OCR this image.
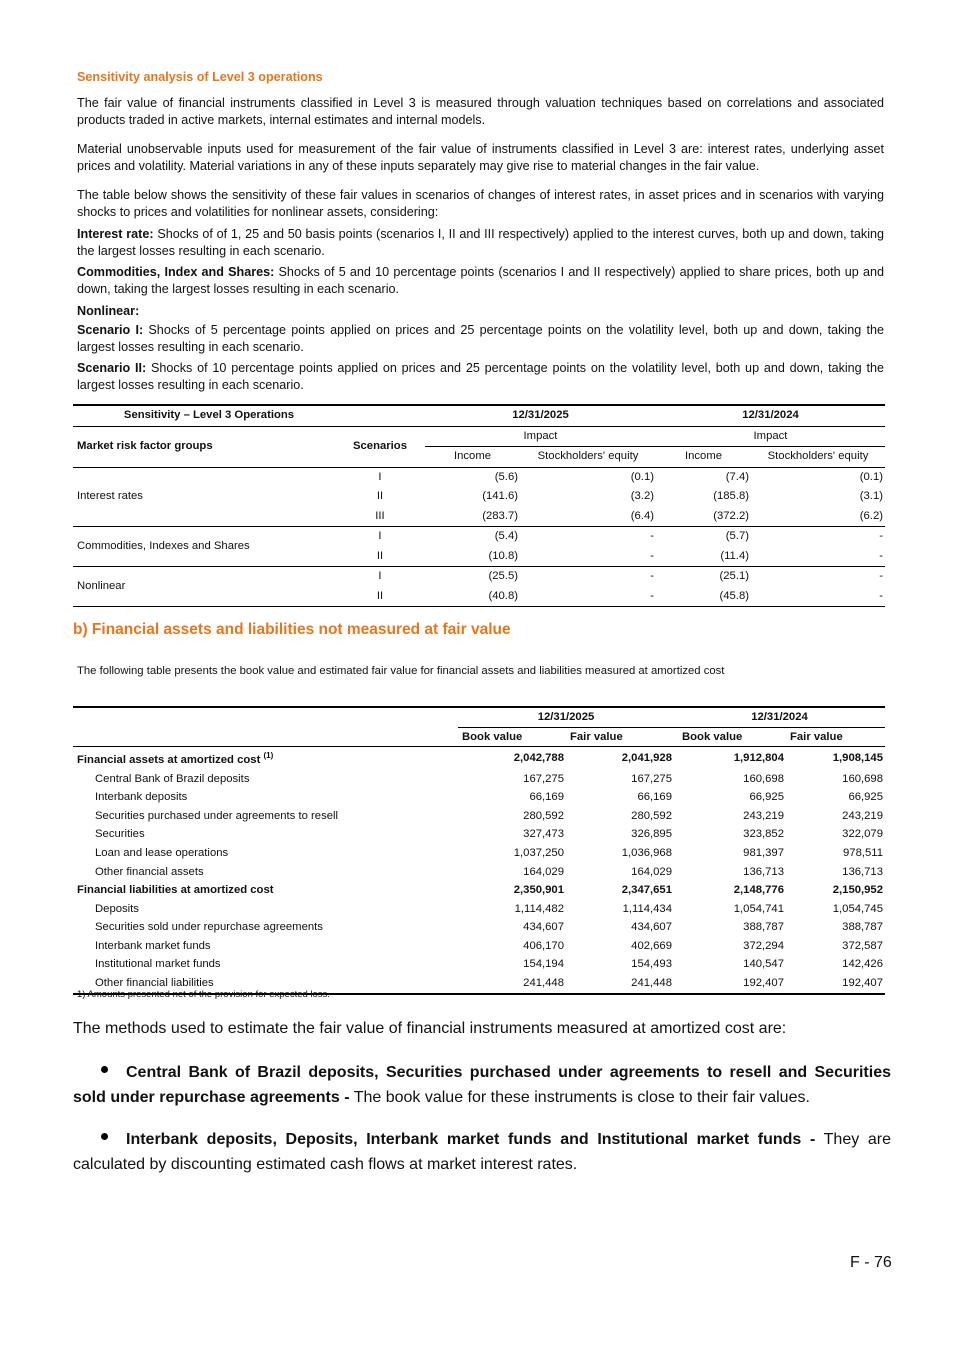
Sensitivity analysis of Level 3 operations
The fair value of financial instruments classified in Level 3 is measured through valuation techniques based on correlations and associated products traded in active markets, internal estimates and internal models.
Material unobservable inputs used for measurement of the fair value of instruments classified in Level 3 are: interest rates, underlying asset prices and volatility. Material variations in any of these inputs separately may give rise to material changes in the fair value.
The table below shows the sensitivity of these fair values in scenarios of changes of interest rates, in asset prices and in scenarios with varying shocks to prices and volatilities for nonlinear assets, considering:
Interest rate: Shocks of of 1, 25 and 50 basis points (scenarios I, II and III respectively) applied to the interest curves, both up and down, taking the largest losses resulting in each scenario.
Commodities, Index and Shares: Shocks of 5 and 10 percentage points (scenarios I and II respectively) applied to share prices, both up and down, taking the largest losses resulting in each scenario.
Nonlinear:
Scenario I: Shocks of 5 percentage points applied on prices and 25 percentage points on the volatility level, both up and down, taking the largest losses resulting in each scenario.
Scenario II: Shocks of 10 percentage points applied on prices and 25 percentage points on the volatility level, both up and down, taking the largest losses resulting in each scenario.
Sensitivity – Level 3 Operations		12/31/2025		12/31/2024	
Market risk factor groups	Scenarios	Impact		Impact	
		Income	Stockholders' equity	Income	Stockholders' equity
Interest rates	I	(5.6)	(0.1)	(7.4)	(0.1)
	II	(141.6)	(3.2)	(185.8)	(3.1)
	III	(283.7)	(6.4)	(372.2)	(6.2)
Commodities, Indexes and Shares	I	(5.4)	-	(5.7)	-
	II	(10.8)	-	(11.4)	-
Nonlinear	I	(25.5)	-	(25.1)	-
	II	(40.8)	-	(45.8)	-
b) Financial assets and liabilities not measured at fair value
The following table presents the book value and estimated fair value for financial assets and liabilities measured at amortized cost
	12/31/2025		12/31/2024	
	Book value	Fair value	Book value	Fair value
Financial assets at amortized cost $^{(1)}$	2,042,788	2,041,928	1,912,804	1,908,145
Central Bank of Brazil deposits	167,275	167,275	160,698	160,698
Interbank deposits	66,169	66,169	66,925	66,925
Securities purchased under agreements to resell	280,592	280,592	243,219	243,219
Securities	327,473	326,895	323,852	322,079
Loan and lease operations	1,037,250	1,036,968	981,397	978,511
Other financial assets	164,029	164,029	136,713	136,713
Financial liabilities at amortized cost	2,350,901	2,347,651	2,148,776	2,150,952
Deposits	1,114,482	1,114,434	1,054,741	1,054,745
Securities sold under repurchase agreements	434,607	434,607	388,787	388,787
Interbank market funds	406,170	402,669	372,294	372,587
Institutional market funds	154,194	154,493	140,547	142,426
Other financial liabilities	241,448	241,448	192,407	192,407
1) Amounts presented net of the provision for expected loss.
The methods used to estimate the fair value of financial instruments measured at amortized cost are:
Central Bank of Brazil deposits, Securities purchased under agreements to resell and Securities sold under repurchase agreements - The book value for these instruments is close to their fair values.
Interbank deposits, Deposits, Interbank market funds and Institutional market funds - They are calculated by discounting estimated cash flows at market interest rates.
F - 76
